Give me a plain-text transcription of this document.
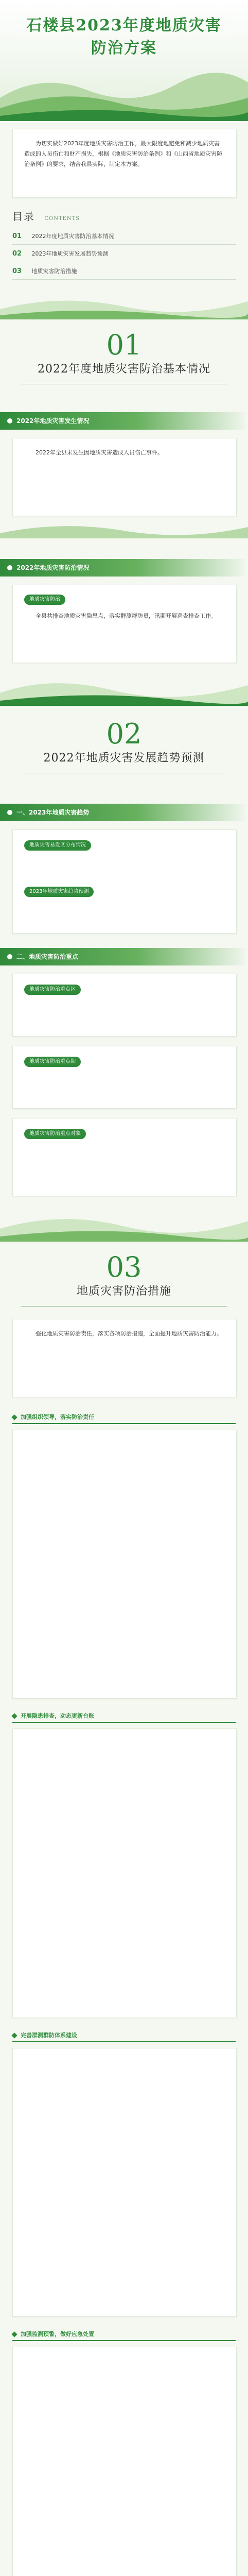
石楼县2023年度地质灾害
防治方案
为切实做好2023年度地质灾害防治工作，最大限度地避免和减少地质灾害造成的人员伤亡和财产损失，根据《地质灾害防治条例》和《山西省地质灾害防治条例》的要求，结合我县实际，制定本方案。
目录 CONTENTS
01 2022年度地质灾害防治基本情况
02 2023年地质灾害发展趋势预测
03 地质灾害防治措施
01
2022年度地质灾害防治基本情况
2022年地质灾害发生情况
2022年全县未发生因地质灾害造成人员伤亡事件。
2022年地质灾害防治情况
地质灾害防治
全县共排查地质灾害隐患点，落实群测群防员，汛期开展巡查排查工作。
02
2022年地质灾害发展趋势预测
一、2023年地质灾害趋势
地质灾害易发区分布情况
2023年地质灾害趋势预测
二、地质灾害防治重点
地质灾害防治重点区
地质灾害防治重点期
地质灾害防治重点对象
03
地质灾害防治措施
强化地质灾害防治责任，落实各项防治措施，全面提升地质灾害防治能力。
加强组织领导，落实防治责任
开展隐患排查，动态更新台账
完善群测群防体系建设
加强监测预警，做好应急处置
